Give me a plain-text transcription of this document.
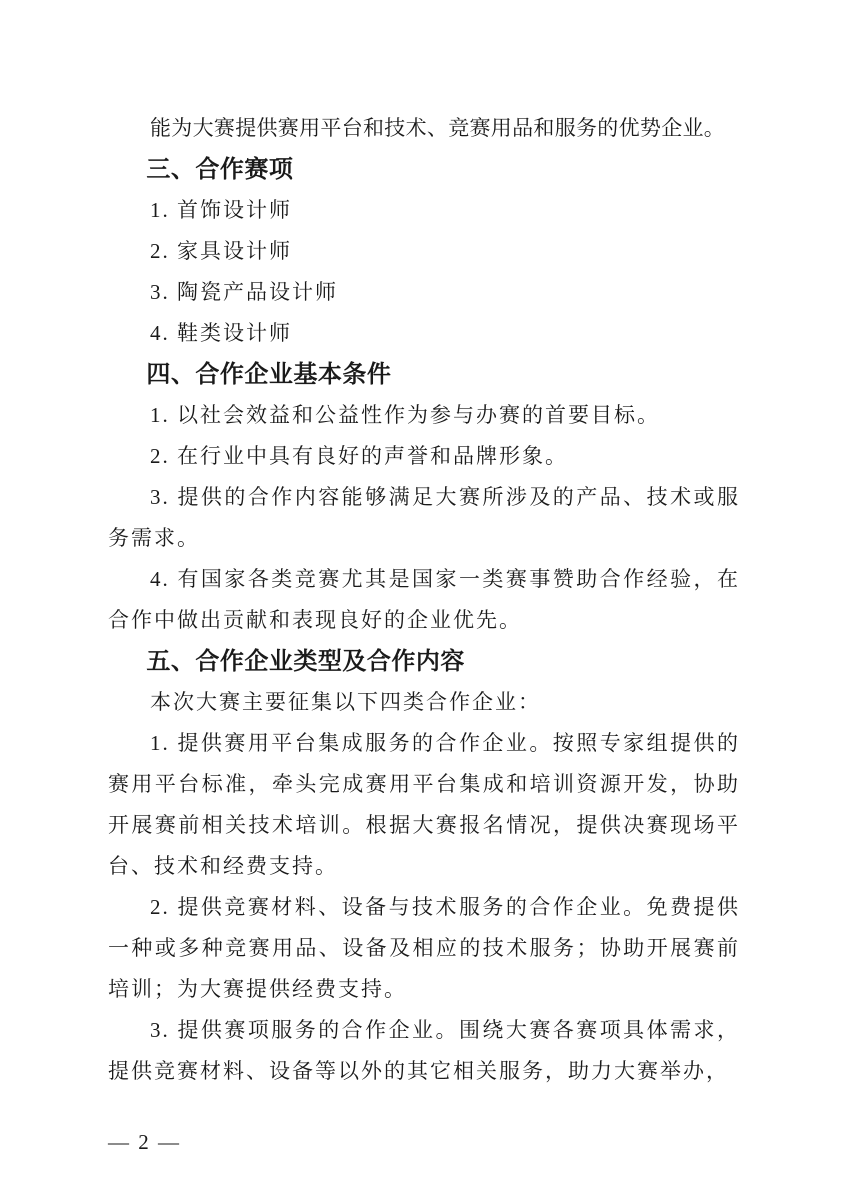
能为大赛提供赛用平台和技术、竞赛用品和服务的优势企业。

三、合作赛项

1. 首饰设计师

2. 家具设计师

3. 陶瓷产品设计师

4. 鞋类设计师

四、合作企业基本条件

1. 以社会效益和公益性作为参与办赛的首要目标。

2. 在行业中具有良好的声誉和品牌形象。

3. 提供的合作内容能够满足大赛所涉及的产品、技术或服务需求。

4. 有国家各类竞赛尤其是国家一类赛事赞助合作经验，在合作中做出贡献和表现良好的企业优先。

五、合作企业类型及合作内容

本次大赛主要征集以下四类合作企业：

1. 提供赛用平台集成服务的合作企业。按照专家组提供的赛用平台标准，牵头完成赛用平台集成和培训资源开发，协助开展赛前相关技术培训。根据大赛报名情况，提供决赛现场平台、技术和经费支持。

2. 提供竞赛材料、设备与技术服务的合作企业。免费提供一种或多种竞赛用品、设备及相应的技术服务；协助开展赛前培训；为大赛提供经费支持。

3. 提供赛项服务的合作企业。围绕大赛各赛项具体需求，提供竞赛材料、设备等以外的其它相关服务，助力大赛举办，

— 2 —
